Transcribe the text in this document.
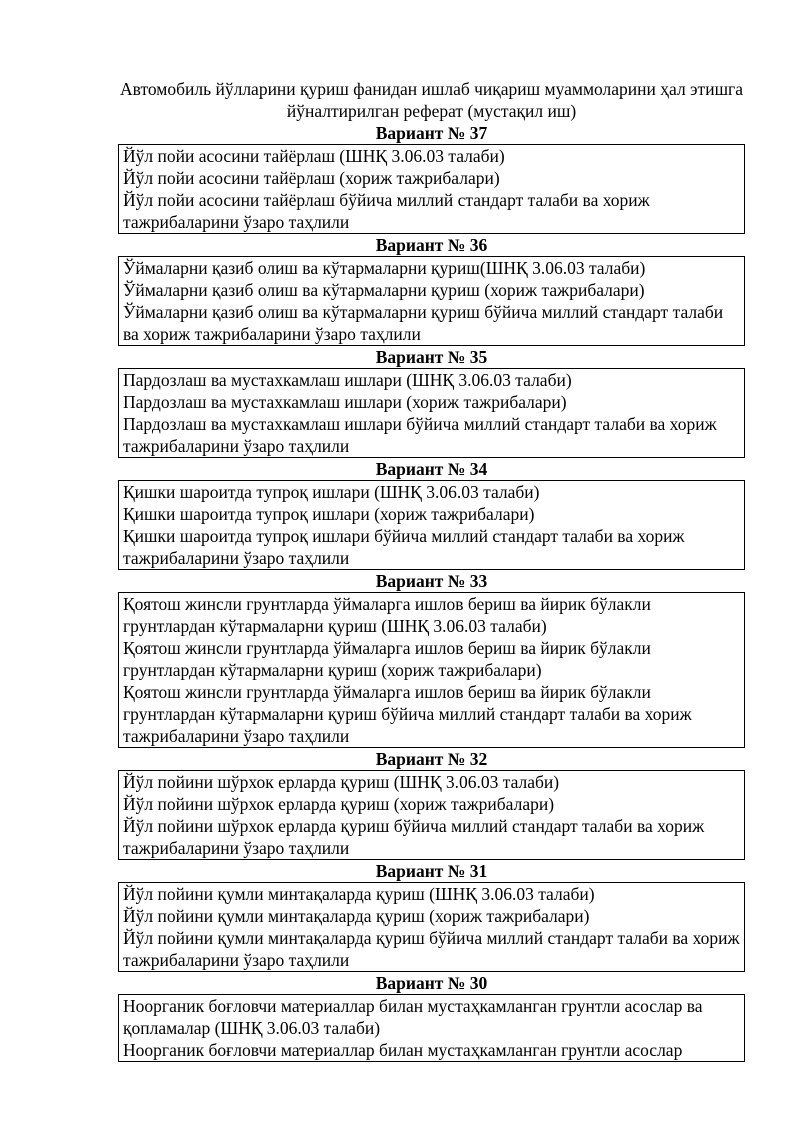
Автомобиль йўлларини қуриш фанидан ишлаб чиқариш муаммоларини ҳал этишга йўналтирилган реферат (мустақил иш)

Вариант № 37

Йўл пойи асосини тайёрлаш (ШНҚ 3.06.03 талаби)

Йўл пойи асосини тайёрлаш (хориж тажрибалари)

Йўл пойи асосини тайёрлаш бўйича миллий стандарт талаби ва хориж тажрибаларини ўзаро таҳлили

Вариант № 36

Ўймаларни қазиб олиш ва кўтармаларни қуриш(ШНҚ 3.06.03 талаби)

Ўймаларни қазиб олиш ва кўтармаларни қуриш (хориж тажрибалари)

Ўймаларни қазиб олиш ва кўтармаларни қуриш бўйича миллий стандарт талаби ва хориж тажрибаларини ўзаро таҳлили

Вариант № 35

Пардозлаш ва мустахкамлаш ишлари (ШНҚ 3.06.03 талаби)

Пардозлаш ва мустахкамлаш ишлари (хориж тажрибалари)

Пардозлаш ва мустахкамлаш ишлари бўйича миллий стандарт талаби ва хориж тажрибаларини ўзаро таҳлили

Вариант № 34

Қишки шароитда тупроқ ишлари (ШНҚ 3.06.03 талаби)

Қишки шароитда тупроқ ишлари (хориж тажрибалари)

Қишки шароитда тупроқ ишлари бўйича миллий стандарт талаби ва хориж тажрибаларини ўзаро таҳлили

Вариант № 33

Қоятош жинсли грунтларда ўймаларга ишлов бериш ва йирик бўлакли грунтлардан кўтармаларни қуриш (ШНҚ 3.06.03 талаби)

Қоятош жинсли грунтларда ўймаларга ишлов бериш ва йирик бўлакли грунтлардан кўтармаларни қуриш (хориж тажрибалари)

Қоятош жинсли грунтларда ўймаларга ишлов бериш ва йирик бўлакли грунтлардан кўтармаларни қуриш бўйича миллий стандарт талаби ва хориж тажрибаларини ўзаро таҳлили

Вариант № 32

Йўл пойини шўрхок ерларда қуриш (ШНҚ 3.06.03 талаби)

Йўл пойини шўрхок ерларда қуриш (хориж тажрибалари)

Йўл пойини шўрхок ерларда қуриш бўйича миллий стандарт талаби ва хориж тажрибаларини ўзаро таҳлили

Вариант № 31

Йўл пойини қумли минтақаларда қуриш (ШНҚ 3.06.03 талаби)

Йўл пойини қумли минтақаларда қуриш (хориж тажрибалари)

Йўл пойини қумли минтақаларда қуриш бўйича миллий стандарт талаби ва хориж тажрибаларини ўзаро таҳлили

Вариант № 30

Ноорганик боғловчи материаллар билан мустаҳкамланган грунтли асослар ва қопламалар (ШНҚ 3.06.03 талаби)

Ноорганик боғловчи материаллар билан мустаҳкамланган грунтли асослар
